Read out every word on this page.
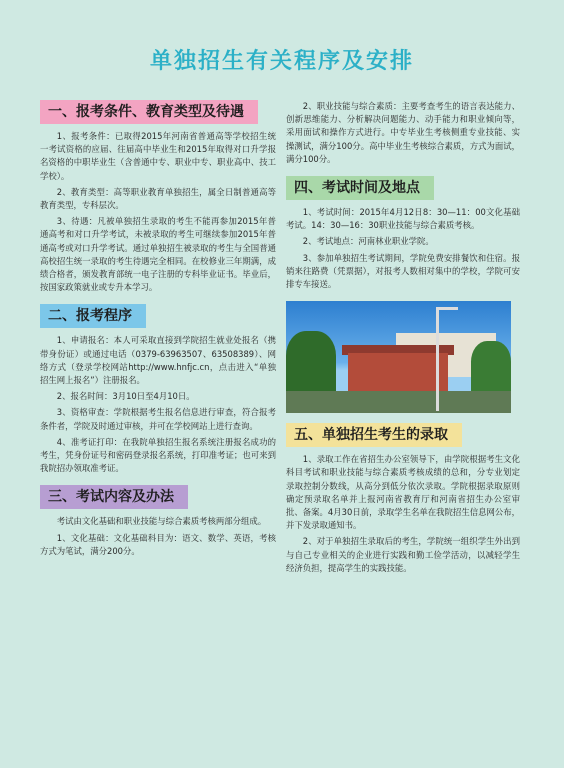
单独招生有关程序及安排
一、报考条件、教育类型及待遇

1、报考条件：已取得2015年河南省普通高等学校招生统一考试资格的应届、往届高中毕业生和2015年取得对口升学报名资格的中职毕业生（含普通中专、职业中专、职业高中、技工学校）。

2、教育类型：高等职业教育单独招生，属全日制普通高等教育类型，专科层次。

3、待遇：凡被单独招生录取的考生不能再参加2015年普通高考和对口升学考试，未被录取的考生可继续参加2015年普通高考或对口升学考试。通过单独招生被录取的考生与全国普通高校招生统一录取的考生待遇完全相同。在校修业三年期满，成绩合格者，颁发教育部统一电子注册的专科毕业证书。毕业后，按国家政策就业或专升本学习。

二、报考程序

1、申请报名：本人可采取直接到学院招生就业处报名（携带身份证）或通过电话（0379-63963507、63508389）、网络方式（登录学校网站http://www.hnfjc.cn，点击进入“单独招生网上报名”）注册报名。

2、报名时间：3月10日至4月10日。

3、资格审查：学院根据考生报名信息进行审查，符合报考条件者，学院及时通过审核，并可在学校网站上进行查询。

4、准考证打印：在我院单独招生报名系统注册报名成功的考生，凭身份证号和密码登录报名系统，打印准考证；也可来到我院招办领取准考证。

三、考试内容及办法

考试由文化基础和职业技能与综合素质考核两部分组成。

1、文化基础：文化基础科目为：语文、数学、英语，考核方式为笔试，满分200分。

2、职业技能与综合素质：主要考查考生的语言表达能力、创新思维能力、分析解决问题能力、动手能力和职业倾向等，采用面试和操作方式进行。中专毕业生考核侧重专业技能、实操测试，满分100分。高中毕业生考核综合素质，方式为面试，满分100分。

四、考试时间及地点

1、考试时间：2015年4月12日8：30—11：00文化基础考试。14：30—16：30职业技能与综合素质考核。

2、考试地点：河南林业职业学院。

3、参加单独招生考试期间，学院免费安排餐饮和住宿。报销来往路费（凭票据），对报考人数相对集中的学校，学院可安排专车接送。

五、单独招生考生的录取

1、录取工作在省招生办公室领导下，由学院根据考生文化科目考试和职业技能与综合素质考核成绩的总和，分专业划定录取控制分数线，从高分到低分依次录取。学院根据录取原则确定预录取名单并上报河南省教育厅和河南省招生办公室审批、备案。4月30日前，录取学生名单在我院招生信息网公布，并下发录取通知书。

2、对于单独招生录取后的考生，学院统一组织学生外出到与自己专业相关的企业进行实践和勤工俭学活动，以减轻学生经济负担，提高学生的实践技能。
